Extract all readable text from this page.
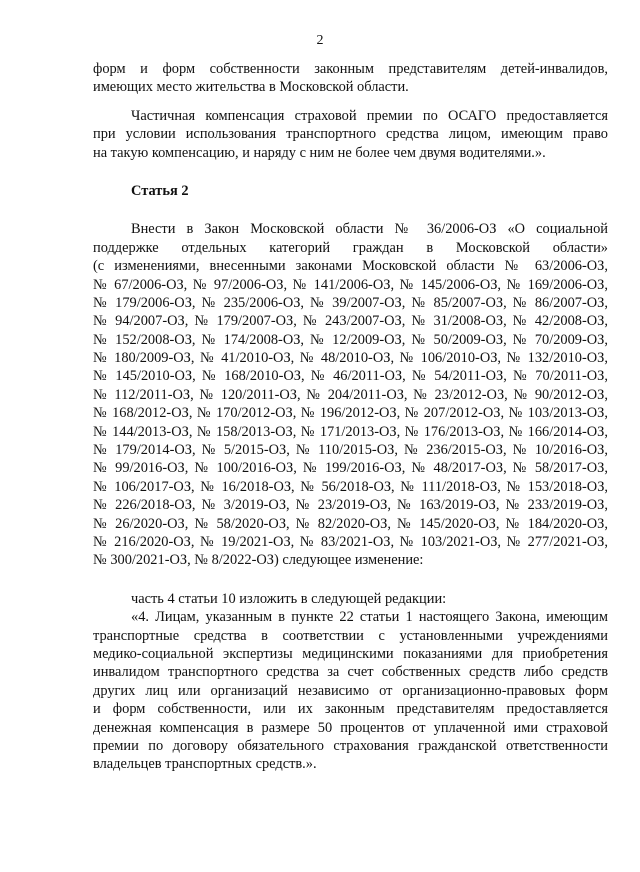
2
форм и форм собственности законным представителям детей-инвалидов,
имеющих место жительства в Московской области.
Частичная компенсация страховой премии по ОСАГО предоставляется
при условии использования транспортного средства лицом, имеющим право
на такую компенсацию, и наряду с ним не более чем двумя водителями.».
Статья 2
Внести в Закон Московской области № 36/2006-ОЗ «О социальной
поддержке отдельных категорий граждан в Московской области»
(с изменениями, внесенными законами Московской области № 63/2006-ОЗ,
№ 67/2006-ОЗ, № 97/2006-ОЗ, № 141/2006-ОЗ, № 145/2006-ОЗ, № 169/2006-ОЗ,
№ 179/2006-ОЗ, № 235/2006-ОЗ, № 39/2007-ОЗ, № 85/2007-ОЗ, № 86/2007-ОЗ,
№ 94/2007-ОЗ, № 179/2007-ОЗ, № 243/2007-ОЗ, № 31/2008-ОЗ, № 42/2008-ОЗ,
№ 152/2008-ОЗ, № 174/2008-ОЗ, № 12/2009-ОЗ, № 50/2009-ОЗ, № 70/2009-ОЗ,
№ 180/2009-ОЗ, № 41/2010-ОЗ, № 48/2010-ОЗ, № 106/2010-ОЗ, № 132/2010-ОЗ,
№ 145/2010-ОЗ, № 168/2010-ОЗ, № 46/2011-ОЗ, № 54/2011-ОЗ, № 70/2011-ОЗ,
№ 112/2011-ОЗ, № 120/2011-ОЗ, № 204/2011-ОЗ, № 23/2012-ОЗ, № 90/2012-ОЗ,
№ 168/2012-ОЗ, № 170/2012-ОЗ, № 196/2012-ОЗ, № 207/2012-ОЗ, № 103/2013-ОЗ,
№ 144/2013-ОЗ, № 158/2013-ОЗ, № 171/2013-ОЗ, № 176/2013-ОЗ, № 166/2014-ОЗ,
№ 179/2014-ОЗ, № 5/2015-ОЗ, № 110/2015-ОЗ, № 236/2015-ОЗ, № 10/2016-ОЗ,
№ 99/2016-ОЗ, № 100/2016-ОЗ, № 199/2016-ОЗ, № 48/2017-ОЗ, № 58/2017-ОЗ,
№ 106/2017-ОЗ, № 16/2018-ОЗ, № 56/2018-ОЗ, № 111/2018-ОЗ, № 153/2018-ОЗ,
№ 226/2018-ОЗ, № 3/2019-ОЗ, № 23/2019-ОЗ, № 163/2019-ОЗ, № 233/2019-ОЗ,
№ 26/2020-ОЗ, № 58/2020-ОЗ, № 82/2020-ОЗ, № 145/2020-ОЗ, № 184/2020-ОЗ,
№ 216/2020-ОЗ, № 19/2021-ОЗ, № 83/2021-ОЗ, № 103/2021-ОЗ, № 277/2021-ОЗ,
№ 300/2021-ОЗ, № 8/2022-ОЗ) следующее изменение:
часть 4 статьи 10 изложить в следующей редакции:
«4. Лицам, указанным в пункте 22 статьи 1 настоящего Закона, имеющим
транспортные средства в соответствии с установленными учреждениями
медико-социальной экспертизы медицинскими показаниями для приобретения
инвалидом транспортного средства за счет собственных средств либо средств
других лиц или организаций независимо от организационно-правовых форм
и форм собственности, или их законным представителям предоставляется
денежная компенсация в размере 50 процентов от уплаченной ими страховой
премии по договору обязательного страхования гражданской ответственности
владельцев транспортных средств.».
